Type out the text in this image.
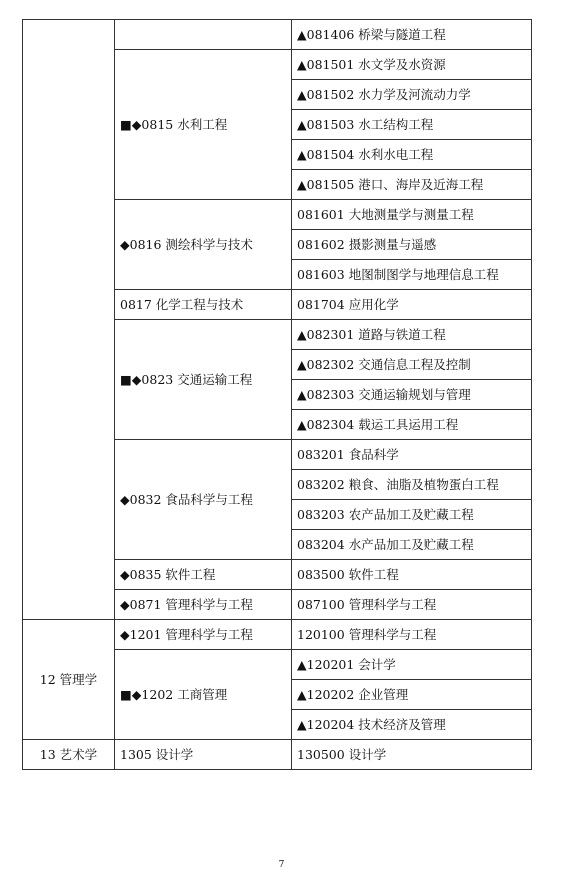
		▲081406 桥梁与隧道工程
	■◆0815 水利工程	▲081501 水文学及水资源
		▲081502 水力学及河流动力学
		▲081503 水工结构工程
		▲081504 水利水电工程
		▲081505 港口、海岸及近海工程
	◆0816 测绘科学与技术	081601 大地测量学与测量工程
		081602 摄影测量与遥感
		081603 地图制图学与地理信息工程
	0817 化学工程与技术	081704 应用化学
	■◆0823 交通运输工程	▲082301 道路与铁道工程
		▲082302 交通信息工程及控制
		▲082303 交通运输规划与管理
		▲082304 载运工具运用工程
	◆0832 食品科学与工程	083201 食品科学
		083202 粮食、油脂及植物蛋白工程
		083203 农产品加工及贮藏工程
		083204 水产品加工及贮藏工程
	◆0835 软件工程	083500 软件工程
	◆0871 管理科学与工程	087100 管理科学与工程
12 管理学	◆1201 管理科学与工程	120100 管理科学与工程
	■◆1202 工商管理	▲120201 会计学
		▲120202 企业管理
		▲120204 技术经济及管理
13 艺术学	1305 设计学	130500 设计学
7
